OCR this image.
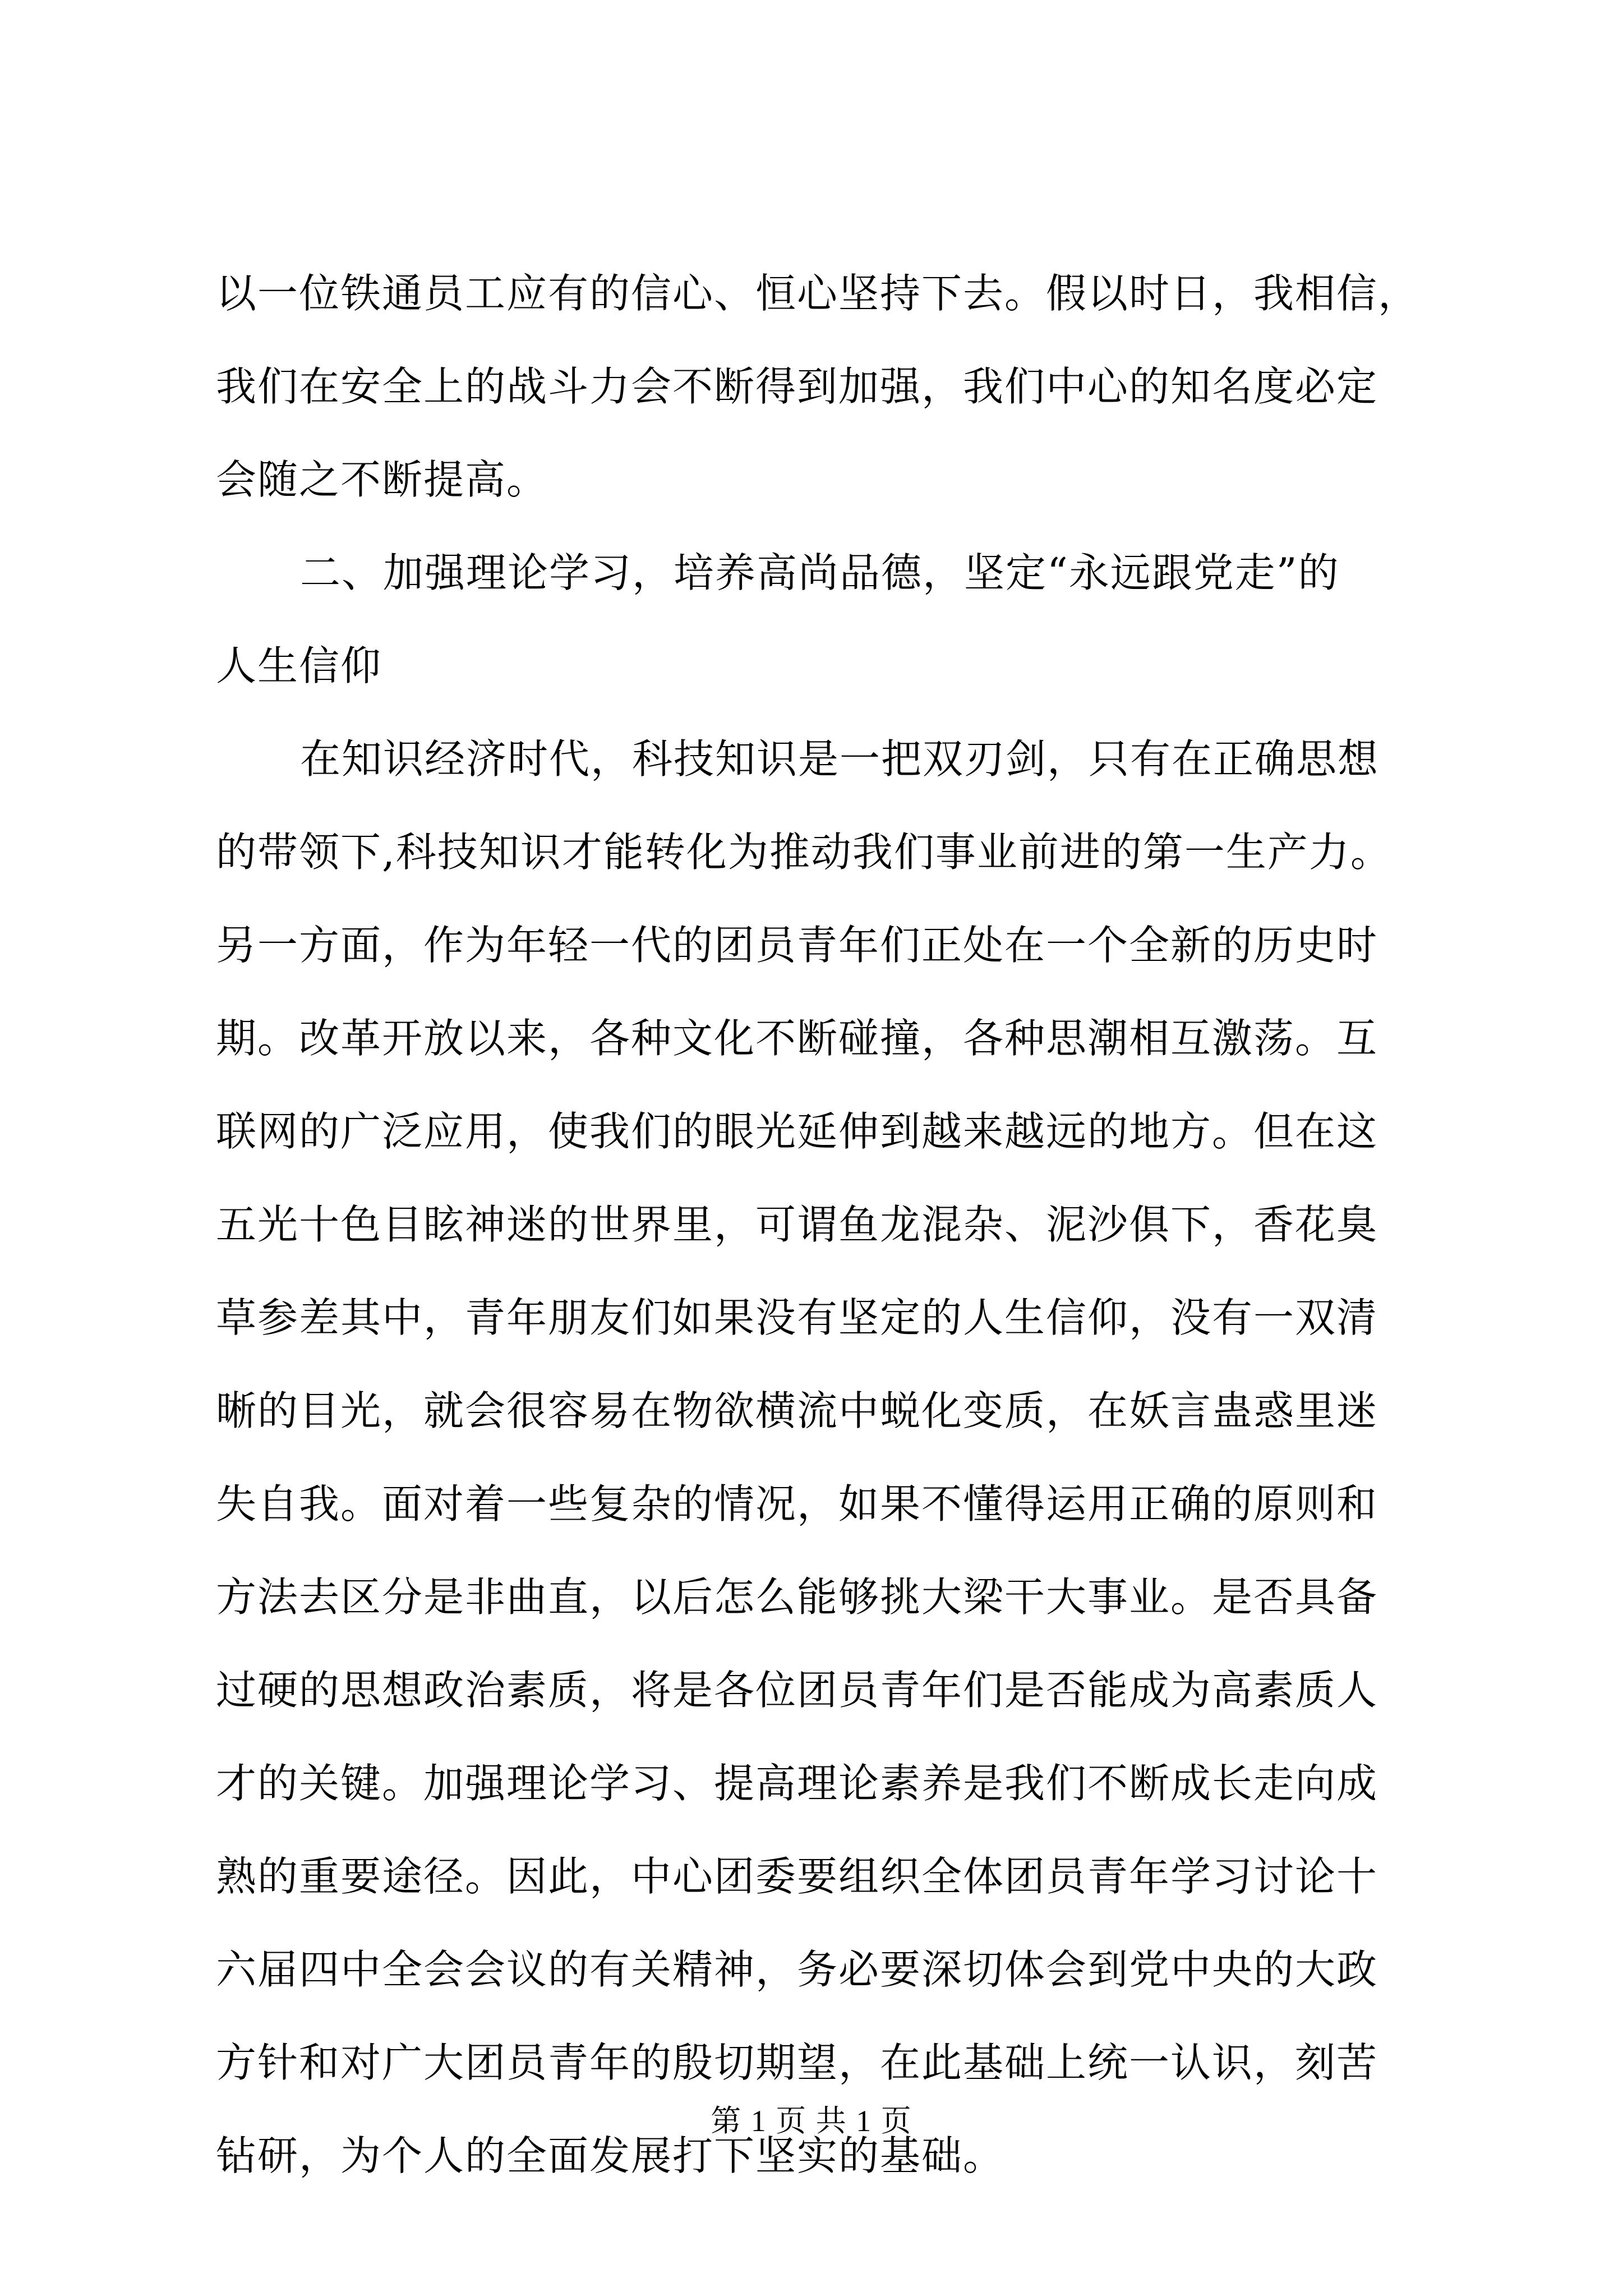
以一位铁通员工应有的信心、恒心坚持下去。假以时日，我相信，
我们在安全上的战斗力会不断得到加强，我们中心的知名度必定
会随之不断提高。
二、加强理论学习，培养高尚品德，坚定“永远跟党走”的
人生信仰
在知识经济时代，科技知识是一把双刃剑，只有在正确思想
的带领下,科技知识才能转化为推动我们事业前进的第一生产力。
另一方面，作为年轻一代的团员青年们正处在一个全新的历史时
期。改革开放以来，各种文化不断碰撞，各种思潮相互激荡。互
联网的广泛应用，使我们的眼光延伸到越来越远的地方。但在这
五光十色目眩神迷的世界里，可谓鱼龙混杂、泥沙俱下，香花臭
草参差其中，青年朋友们如果没有坚定的人生信仰，没有一双清
晰的目光，就会很容易在物欲横流中蜕化变质，在妖言蛊惑里迷
失自我。面对着一些复杂的情况，如果不懂得运用正确的原则和
方法去区分是非曲直，以后怎么能够挑大梁干大事业。是否具备
过硬的思想政治素质，将是各位团员青年们是否能成为高素质人
才的关键。加强理论学习、提高理论素养是我们不断成长走向成
熟的重要途径。因此，中心团委要组织全体团员青年学习讨论十
六届四中全会会议的有关精神，务必要深切体会到党中央的大政
方针和对广大团员青年的殷切期望，在此基础上统一认识，刻苦
钻研，为个人的全面发展打下坚实的基础。
第 1 页 共 1 页
